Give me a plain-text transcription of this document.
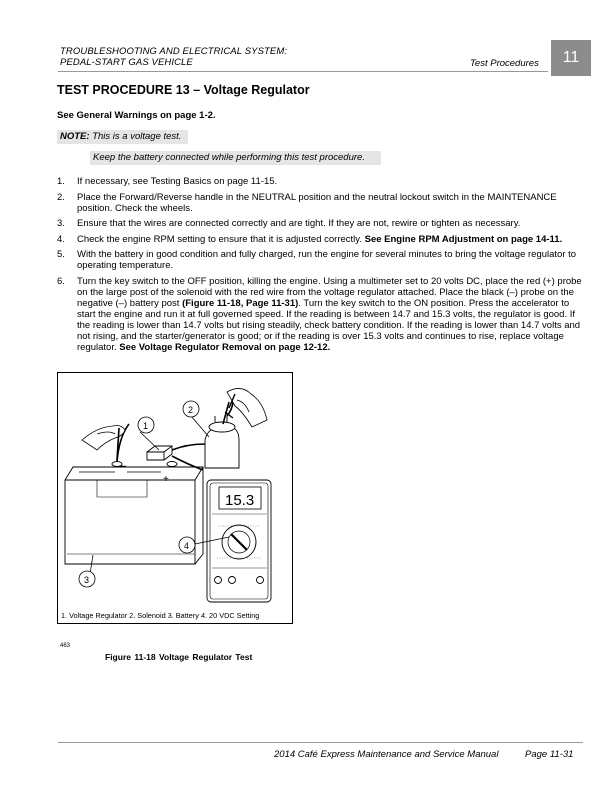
TROUBLESHOOTING AND ELECTRICAL SYSTEM:
PEDAL-START GAS VEHICLE	Test Procedures	11
TEST PROCEDURE 13 – Voltage Regulator
See General Warnings on page 1-2.
NOTE: This is a voltage test.
Keep the battery connected while performing this test procedure.
1.	If necessary, see Testing Basics on page 11-15.
2.	Place the Forward/Reverse handle in the NEUTRAL position and the neutral lockout switch in the MAINTENANCE position. Check the wheels.
3.	Ensure that the wires are connected correctly and are tight. If they are not, rewire or tighten as necessary.
4.	Check the engine RPM setting to ensure that it is adjusted correctly. See Engine RPM Adjustment on page 14-11.
5.	With the battery in good condition and fully charged, run the engine for several minutes to bring the voltage regulator to operating temperature.
6.	Turn the key switch to the OFF position, killing the engine. Using a multimeter set to 20 volts DC, place the red (+) probe on the large post of the solenoid with the red wire from the voltage regulator attached. Place the black (–) probe on the negative (–) battery post (Figure 11-18, Page 11-31). Turn the key switch to the ON position. Press the accelerator to start the engine and run it at full governed speed. If the reading is between 14.7 and 15.3 volts, the regulator is good. If the reading is lower than 14.7 volts but rising steadily, check battery condition. If the reading is lower than 14.7 volts and not rising, and the starter/generator is good; or if the reading is over 15.3 volts and continues to rise, replace voltage regulator. See Voltage Regulator Removal on page 12-12.
–
+
15.3
1
2
3
4
1. Voltage Regulator 2. Solenoid 3. Battery 4. 20 VDC Setting
463
Figure 11-18 Voltage Regulator Test
2014 Café Express Maintenance and Service Manual	Page 11-31
